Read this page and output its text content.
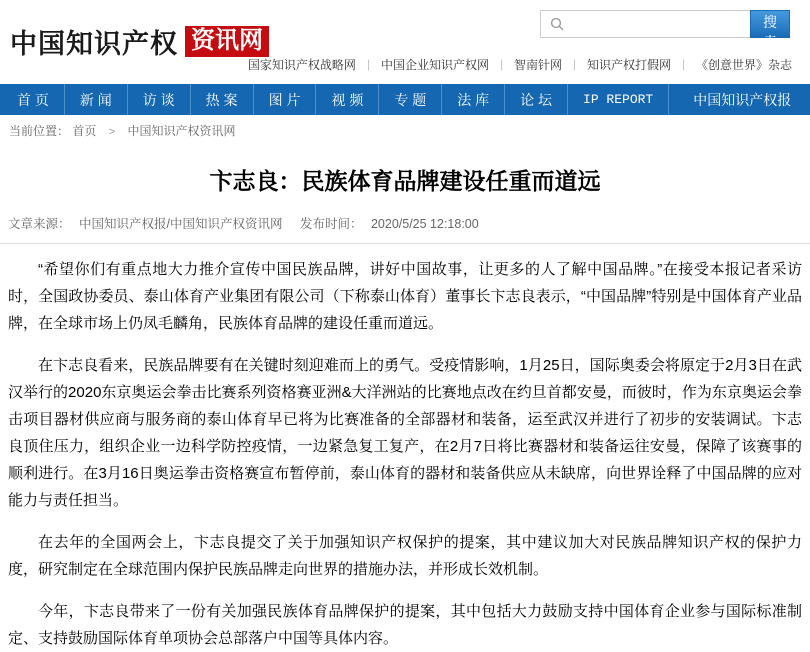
中国知识产权 资讯网
搜索
国家知识产权战略网 ｜ 中国企业知识产权网 ｜ 智南针网 ｜ 知识产权打假网 ｜ 《创意世界》杂志
首 页	新 闻	访 谈	热 案	图 片	视 频	专 题	法 库	论 坛	IP REPORT	中国知识产权报
当前位置： 首页 > 中国知识产权资讯网
卞志良：民族体育品牌建设任重而道远
文章来源： 中国知识产权报/中国知识产权资讯网 发布时间： 2020/5/25 12:18:00

“希望你们有重点地大力推介宣传中国民族品牌，讲好中国故事，让更多的人了解中国品牌。”在接受本报记者采访时，全国政协委员、泰山体育产业集团有限公司（下称泰山体育）董事长卞志良表示，“中国品牌”特别是中国体育产业品牌，在全球市场上仍凤毛麟角，民族体育品牌的建设任重而道远。

在卞志良看来，民族品牌要有在关键时刻迎难而上的勇气。受疫情影响，1月25日，国际奥委会将原定于2月3日在武汉举行的2020东京奥运会拳击比赛系列资格赛亚洲&大洋洲站的比赛地点改在约旦首都安曼，而彼时，作为东京奥运会拳击项目器材供应商与服务商的泰山体育早已将为比赛准备的全部器材和装备，运至武汉并进行了初步的安装调试。卞志良顶住压力，组织企业一边科学防控疫情，一边紧急复工复产，在2月7日将比赛器材和装备运往安曼，保障了该赛事的顺利进行。在3月16日奥运拳击资格赛宣布暂停前，泰山体育的器材和装备供应从未缺席，向世界诠释了中国品牌的应对能力与责任担当。

在去年的全国两会上，卞志良提交了关于加强知识产权保护的提案，其中建议加大对民族品牌知识产权的保护力度，研究制定在全球范围内保护民族品牌走向世界的措施办法，并形成长效机制。

今年，卞志良带来了一份有关加强民族体育品牌保护的提案，其中包括大力鼓励支持中国体育企业参与国际标准制定、支持鼓励国际体育单项协会总部落户中国等具体内容。
